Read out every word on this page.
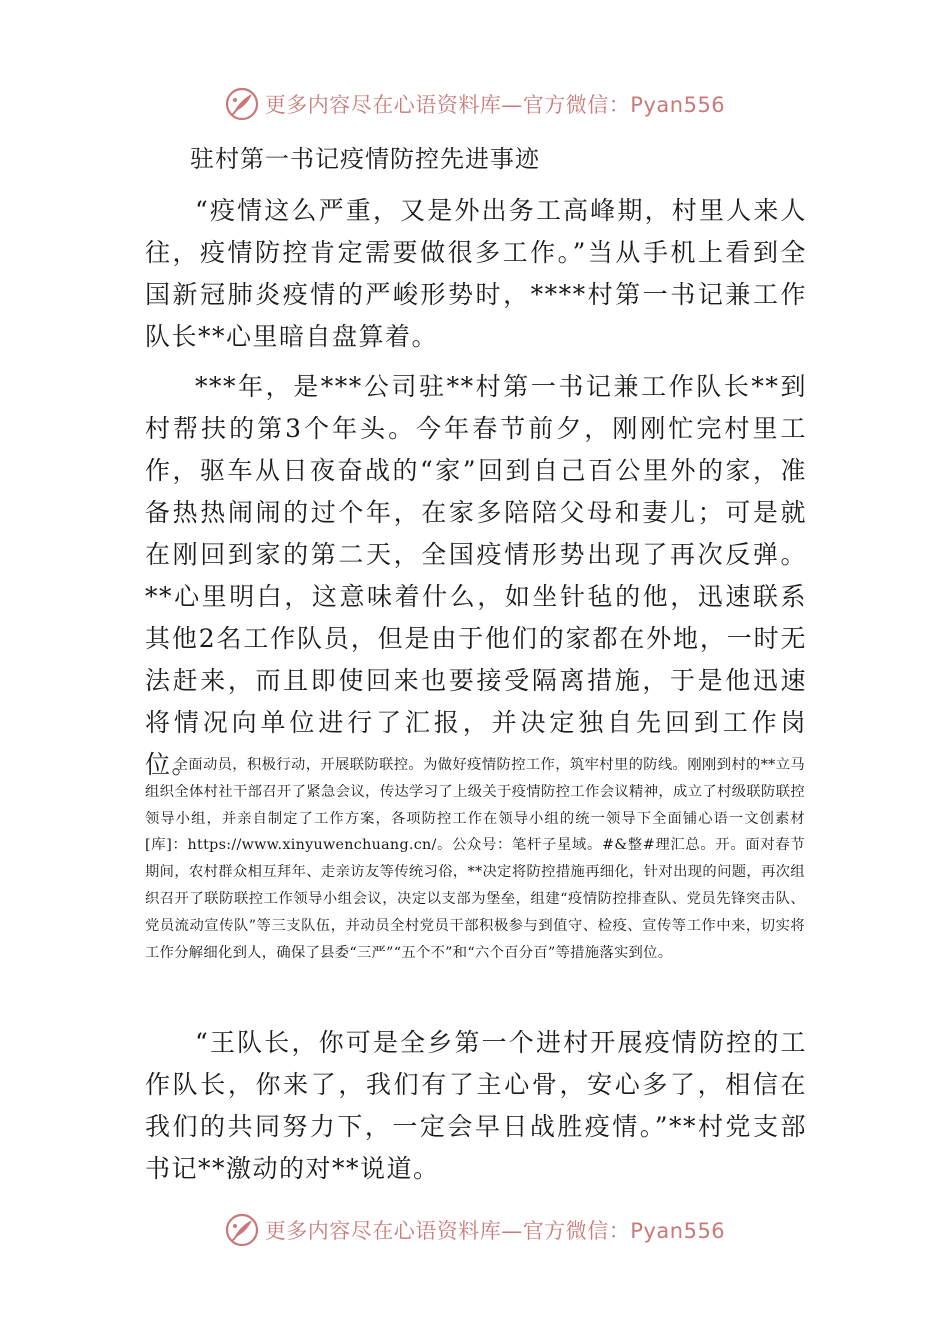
更多内容尽在心语资料库—官方微信：Pyan556
驻村第一书记疫情防控先进事迹

“疫情这么严重，又是外出务工高峰期，村里人来人往，疫情防控肯定需要做很多工作。”当从手机上看到全国新冠肺炎疫情的严峻形势时，****村第一书记兼工作队长**心里暗自盘算着。

***年，是***公司驻**村第一书记兼工作队长**到村帮扶的第3个年头。今年春节前夕，刚刚忙完村里工作，驱车从日夜奋战的“家”回到自己百公里外的家，准备热热闹闹的过个年，在家多陪陪父母和妻儿；可是就在刚回到家的第二天，全国疫情形势出现了再次反弹。**心里明白，这意味着什么，如坐针毡的他，迅速联系其他2名工作队员，但是由于他们的家都在外地，一时无法赶来，而且即使回来也要接受隔离措施，于是他迅速将情况向单位进行了汇报，并决定独自先回到工作岗位。

全面动员，积极行动，开展联防联控。为做好疫情防控工作，筑牢村里的防线。刚刚到村的**立马组织全体村社干部召开了紧急会议，传达学习了上级关于疫情防控工作会议精神，成立了村级联防联控领导小组，并亲自制定了工作方案，各项防控工作在领导小组的统一领导下全面铺心语一文创素材[库]：https://www.xinyuwenchuang.cn/。公众号：笔杆子星域。#&整#理汇总。开。面对春节期间，农村群众相互拜年、走亲访友等传统习俗，**决定将防控措施再细化，针对出现的问题，再次组织召开了联防联控工作领导小组会议，决定以支部为堡垒，组建“疫情防控排查队、党员先锋突击队、党员流动宣传队”等三支队伍，并动员全村党员干部积极参与到值守、检疫、宣传等工作中来，切实将工作分解细化到人，确保了县委“三严”“五个不”和“六个百分百”等措施落实到位。

“王队长，你可是全乡第一个进村开展疫情防控的工作队长，你来了，我们有了主心骨，安心多了，相信在我们的共同努力下，一定会早日战胜疫情。”**村党支部书记**激动的对**说道。

更多内容尽在心语资料库—官方微信：Pyan556
